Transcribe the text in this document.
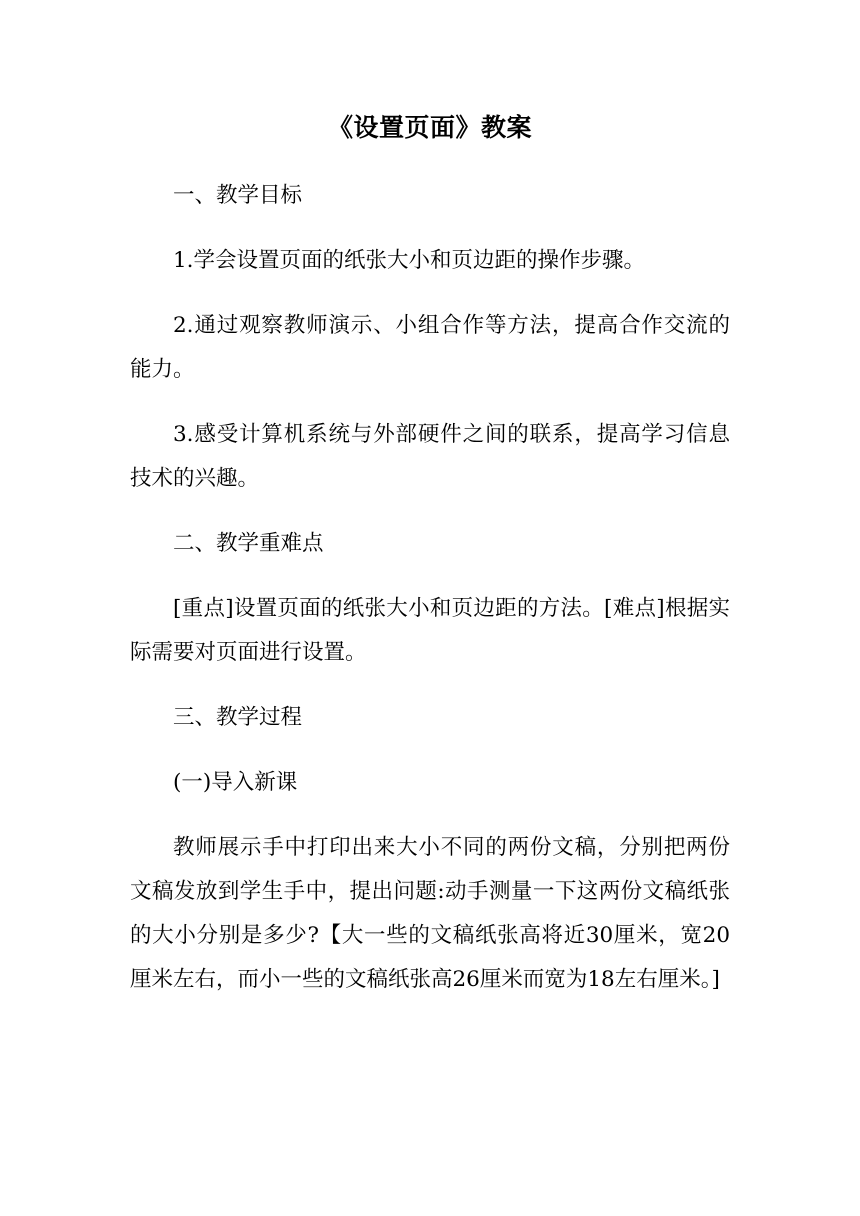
《设置页面》教案

一、教学目标

1.学会设置页面的纸张大小和页边距的操作步骤。

2.通过观察教师演示、小组合作等方法，提高合作交流的能力。

3.感受计算机系统与外部硬件之间的联系，提高学习信息技术的兴趣。

二、教学重难点

[重点]设置页面的纸张大小和页边距的方法。[难点]根据实际需要对页面进行设置。

三、教学过程

(一)导入新课

教师展示手中打印出来大小不同的两份文稿，分别把两份文稿发放到学生手中，提出问题:动手测量一下这两份文稿纸张的大小分别是多少?【大一些的文稿纸张高将近30厘米，宽20厘米左右，而小一些的文稿纸张高26厘米而宽为18左右厘米。]
